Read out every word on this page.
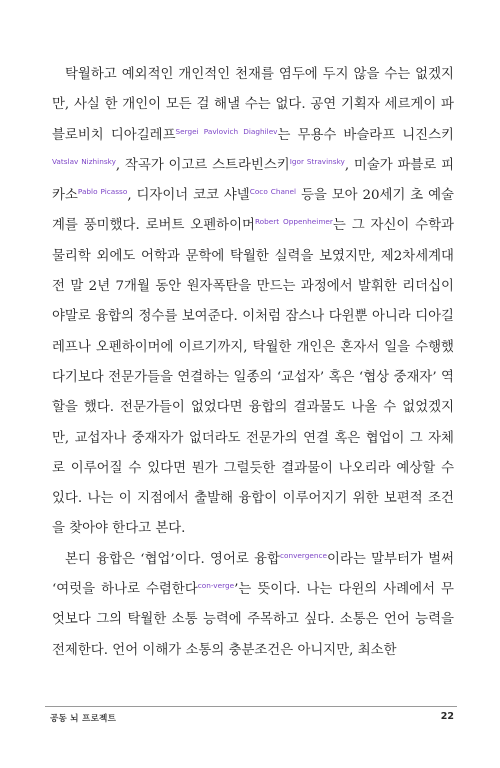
탁월하고 예외적인 개인적인 천재를 염두에 두지 않을 수는 없겠지만, 사실 한 개인이 모든 걸 해낼 수는 없다. 공연 기획자 세르게이 파블로비치 디아길레프$^{Sergei Pavlovich Diaghilev}$는 무용수 바슬라프 니진스키$^{Vatslav Nizhinsky}$, 작곡가 이고르 스트라빈스키$^{Igor Stravinsky}$, 미술가 파블로 피카소$^{Pablo Picasso}$, 디자이너 코코 샤넬$^{Coco Chanel}$ 등을 모아 20세기 초 예술계를 풍미했다. 로버트 오펜하이머$^{Robert Oppenheimer}$는 그 자신이 수학과 물리학 외에도 어학과 문학에 탁월한 실력을 보였지만, 제2차세계대전 말 2년 7개월 동안 원자폭탄을 만드는 과정에서 발휘한 리더십이야말로 융합의 정수를 보여준다. 이처럼 잠스나 다윈뿐 아니라 디아길레프나 오펜하이머에 이르기까지, 탁월한 개인은 혼자서 일을 수행했다기보다 전문가들을 연결하는 일종의 ‘교섭자’ 혹은 ‘협상 중재자’ 역할을 했다. 전문가들이 없었다면 융합의 결과물도 나올 수 없었겠지만, 교섭자나 중재자가 없더라도 전문가의 연결 혹은 협업이 그 자체로 이루어질 수 있다면 뭔가 그럴듯한 결과물이 나오리라 예상할 수 있다. 나는 이 지점에서 출발해 융합이 이루어지기 위한 보편적 조건을 찾아야 한다고 본다.

본디 융합은 ‘협업’이다. 영어로 융합$^{convergence}$이라는 말부터가 벌써 ‘여럿을 하나로 수렴한다$^{con-verge}$’는 뜻이다. 나는 다윈의 사례에서 무엇보다 그의 탁월한 소통 능력에 주목하고 싶다. 소통은 언어 능력을 전제한다. 언어 이해가 소통의 충분조건은 아니지만, 최소한

공동 뇌 프로젝트	22
